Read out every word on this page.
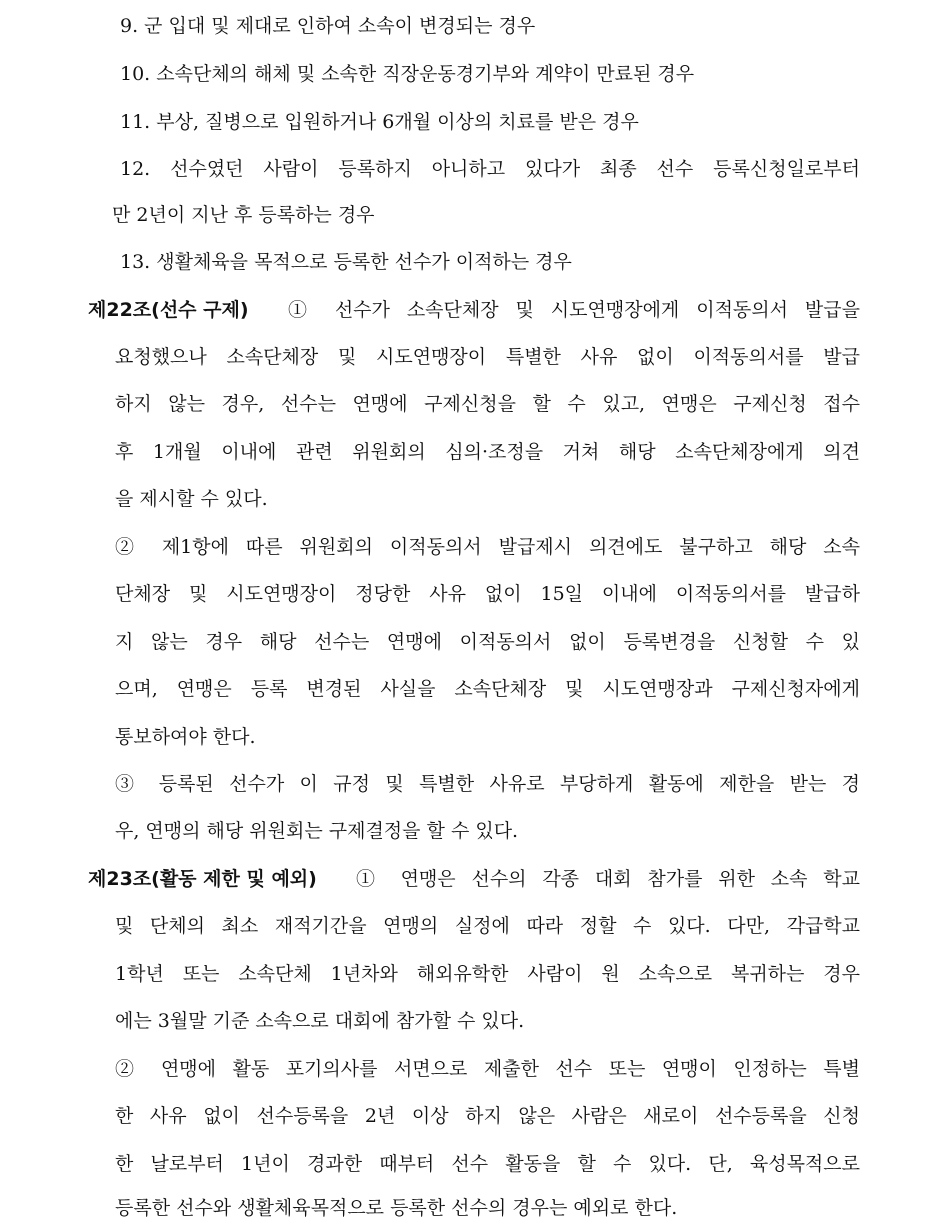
9. 군 입대 및 제대로 인하여 소속이 변경되는 경우
10. 소속단체의 해체 및 소속한 직장운동경기부와 계약이 만료된 경우
11. 부상, 질병으로 입원하거나 6개월 이상의 치료를 받은 경우
12. 선수였던 사람이 등록하지 아니하고 있다가 최종 선수 등록신청일로부터
만 2년이 지난 후 등록하는 경우
13. 생활체육을 목적으로 등록한 선수가 이적하는 경우
제22조(선수 구제)	① 선수가 소속단체장 및 시도연맹장에게 이적동의서 발급을
요청했으나 소속단체장 및 시도연맹장이 특별한 사유 없이 이적동의서를 발급
하지 않는 경우, 선수는 연맹에 구제신청을 할 수 있고, 연맹은 구제신청 접수
후 1개월 이내에 관련 위원회의 심의·조정을 거쳐 해당 소속단체장에게 의견
을 제시할 수 있다.
② 제1항에 따른 위원회의 이적동의서 발급제시 의견에도 불구하고 해당 소속
단체장 및 시도연맹장이 정당한 사유 없이 15일 이내에 이적동의서를 발급하
지 않는 경우 해당 선수는 연맹에 이적동의서 없이 등록변경을 신청할 수 있
으며, 연맹은 등록 변경된 사실을 소속단체장 및 시도연맹장과 구제신청자에게
통보하여야 한다.
③ 등록된 선수가 이 규정 및 특별한 사유로 부당하게 활동에 제한을 받는 경
우, 연맹의 해당 위원회는 구제결정을 할 수 있다.
제23조(활동 제한 및 예외)	① 연맹은 선수의 각종 대회 참가를 위한 소속 학교
및 단체의 최소 재적기간을 연맹의 실정에 따라 정할 수 있다. 다만, 각급학교
1학년 또는 소속단체 1년차와 해외유학한 사람이 원 소속으로 복귀하는 경우
에는 3월말 기준 소속으로 대회에 참가할 수 있다.
② 연맹에 활동 포기의사를 서면으로 제출한 선수 또는 연맹이 인정하는 특별
한 사유 없이 선수등록을 2년 이상 하지 않은 사람은 새로이 선수등록을 신청
한 날로부터 1년이 경과한 때부터 선수 활동을 할 수 있다. 단, 육성목적으로
등록한 선수와 생활체육목적으로 등록한 선수의 경우는 예외로 한다.
